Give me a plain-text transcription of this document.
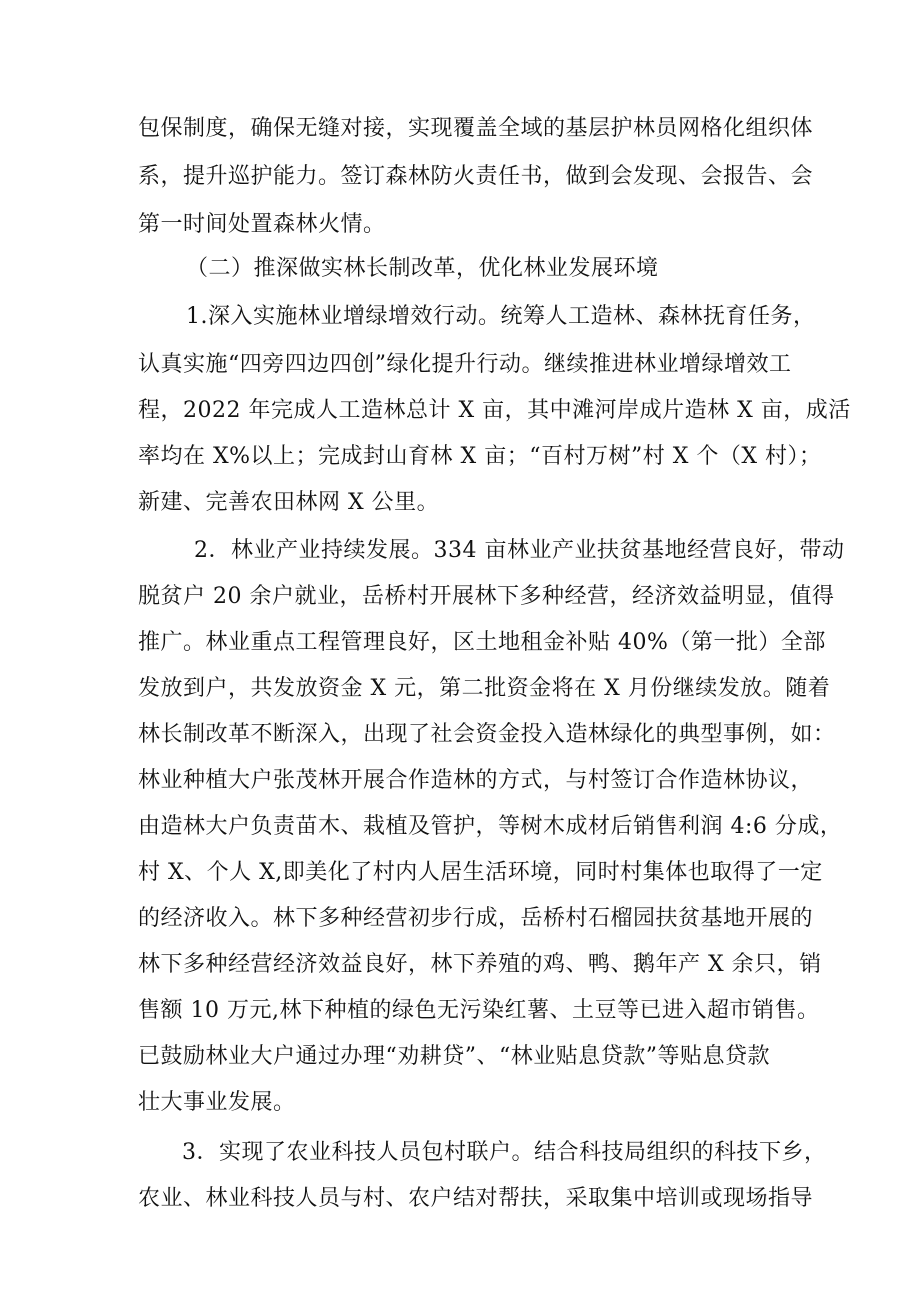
包保制度，确保无缝对接，实现覆盖全域的基层护林员网格化组织体
系，提升巡护能力。签订森林防火责任书，做到会发现、会报告、会
第一时间处置森林火情。
（二）推深做实林长制改革，优化林业发展环境
1.深入实施林业增绿增效行动。统筹人工造林、森林抚育任务，
认真实施“四旁四边四创”绿化提升行动。继续推进林业增绿增效工
程，2022 年完成人工造林总计 X 亩，其中滩河岸成片造林 X 亩，成活
率均在 X%以上；完成封山育林 X 亩；“百村万树”村 X 个（X 村）；
新建、完善农田林网 X 公里。
2．林业产业持续发展。334 亩林业产业扶贫基地经营良好，带动
脱贫户 20 余户就业，岳桥村开展林下多种经营，经济效益明显，值得
推广。林业重点工程管理良好，区土地租金补贴 40%（第一批）全部
发放到户，共发放资金 X 元，第二批资金将在 X 月份继续发放。随着
林长制改革不断深入，出现了社会资金投入造林绿化的典型事例，如：
林业种植大户张茂林开展合作造林的方式，与村签订合作造林协议，
由造林大户负责苗木、栽植及管护，等树木成材后销售利润 4:6 分成，
村 X、个人 X,即美化了村内人居生活环境，同时村集体也取得了一定
的经济收入。林下多种经营初步行成，岳桥村石榴园扶贫基地开展的
林下多种经营经济效益良好，林下养殖的鸡、鸭、鹅年产 X 余只，销
售额 10 万元,林下种植的绿色无污染红薯、土豆等已进入超市销售。
已鼓励林业大户通过办理“劝耕贷”、“林业贴息贷款”等贴息贷款
壮大事业发展。
3．实现了农业科技人员包村联户。结合科技局组织的科技下乡，
农业、林业科技人员与村、农户结对帮扶，采取集中培训或现场指导
